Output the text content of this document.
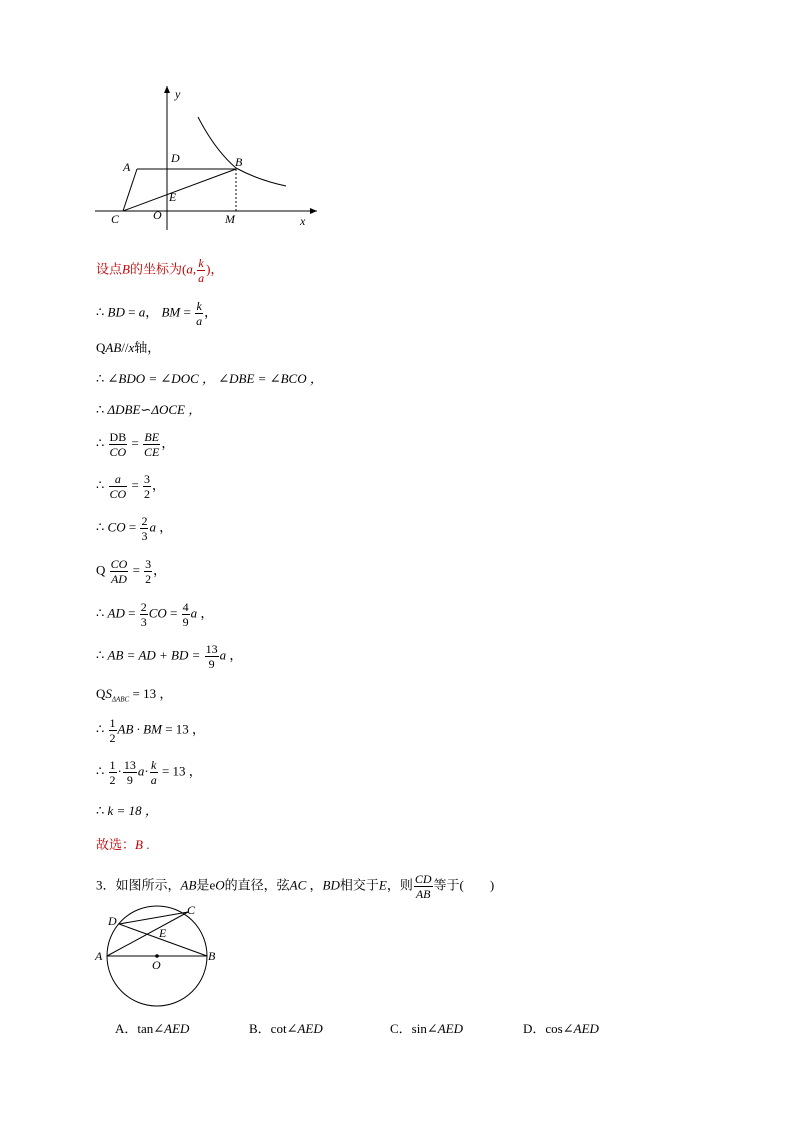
y
x
A
D	B
E
C	O	M
设点B的坐标为(a, $\frac{k}{a}$ )，
∴ BD = a， BM = $\frac{k}{a}$ ，
QAB//x轴，
∴ ∠BDO = ∠DOC ， ∠DBE = ∠BCO ，
∴ ΔDBE∽ΔOCE ，
∴ $\frac{DB}{CO} = \frac{BE}{CE}$ ，
∴ $\frac{a}{CO} = \frac{3}{2}$ ，
∴ CO = $\frac{2}{3}$ a ，
Q $\frac{CO}{AD} = \frac{3}{2}$ ，
∴ AD = $\frac{2}{3}$ CO = $\frac{4}{9}$ a ，
∴ AB = AD + BD = $\frac{13}{9}$ a ，
$QS_{\Delta ABC} = 13$ ，
∴ $\frac{1}{2}$ AB · BM = 13 ，
∴ $\frac{1}{2} \cdot \frac{13}{9} a\cdot \frac{k}{a} = 13$ ，
∴ k = 18 ，
故选：B .
3．如图所示，AB是eO的直径，弦AC ，BD相交于E，则 $\frac{CD}{AB}$ 等于(　　)
D
C
E
A
O
B
A．tan∠AED	B．cot∠AED	C．sin∠AED	D．cos∠AED
